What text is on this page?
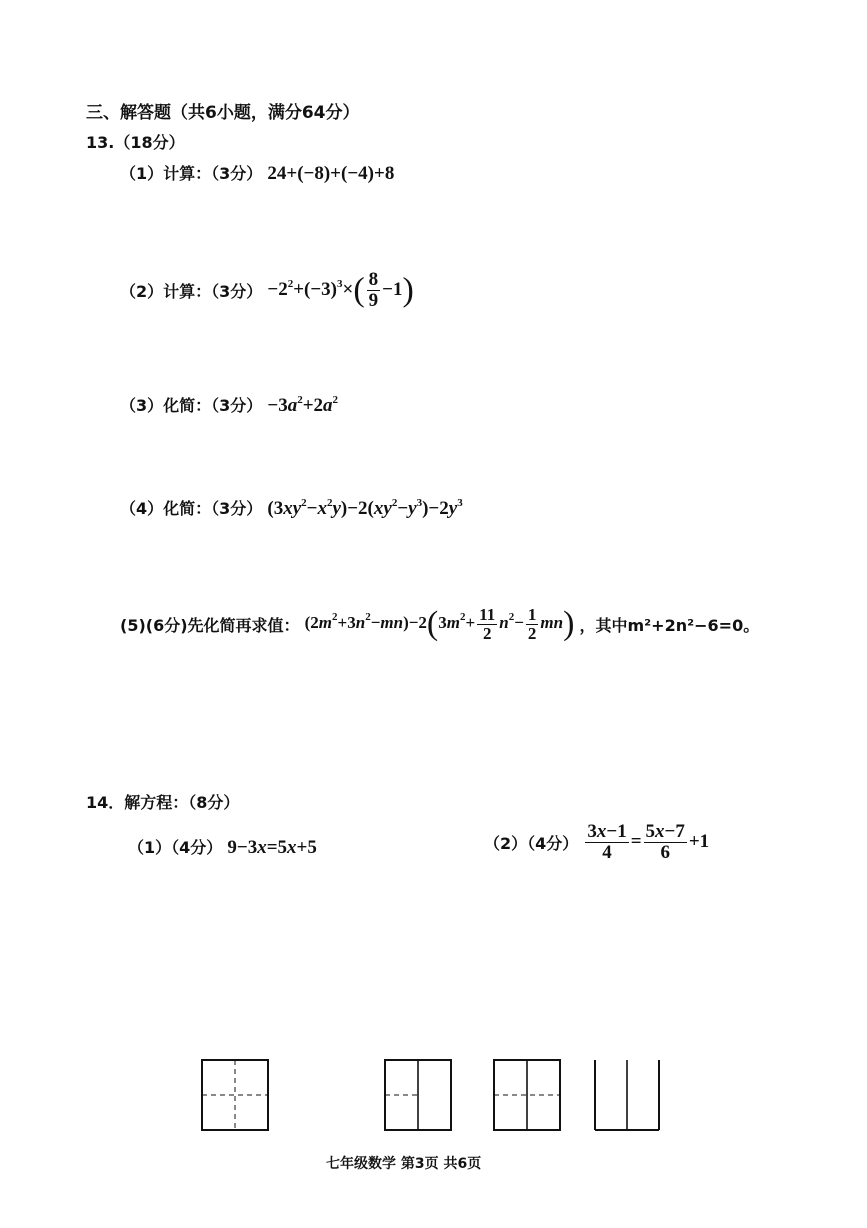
三、解答题（共6小题，满分64分）
13.（18分）
（1）计算：（3分） 24+(−8)+(−4)+8
（2）计算：（3分） $-2^2+(-3)^3\times( \frac{8}{9} -1)$
（3）化简：（3分） $-3a^2+2a^2$
（4）化简：（3分） $(3xy^2-x^2y)-2(xy^2-y^3)-2y^3$
(5)(6分)先化简再求值： $(2m^2+3n^2-mn)-2(3m^2+ \frac{11}{2} n^2- \frac{1}{2} mn)$ ，其中m²+2n²−6=0。
14．解方程：（8分）
（1）（4分） 9−3x=5x+5	（2）（4分） $\frac{3x-1}{4} = \frac{5x-7}{6} +1$
七年级数学 第3页 共6页
